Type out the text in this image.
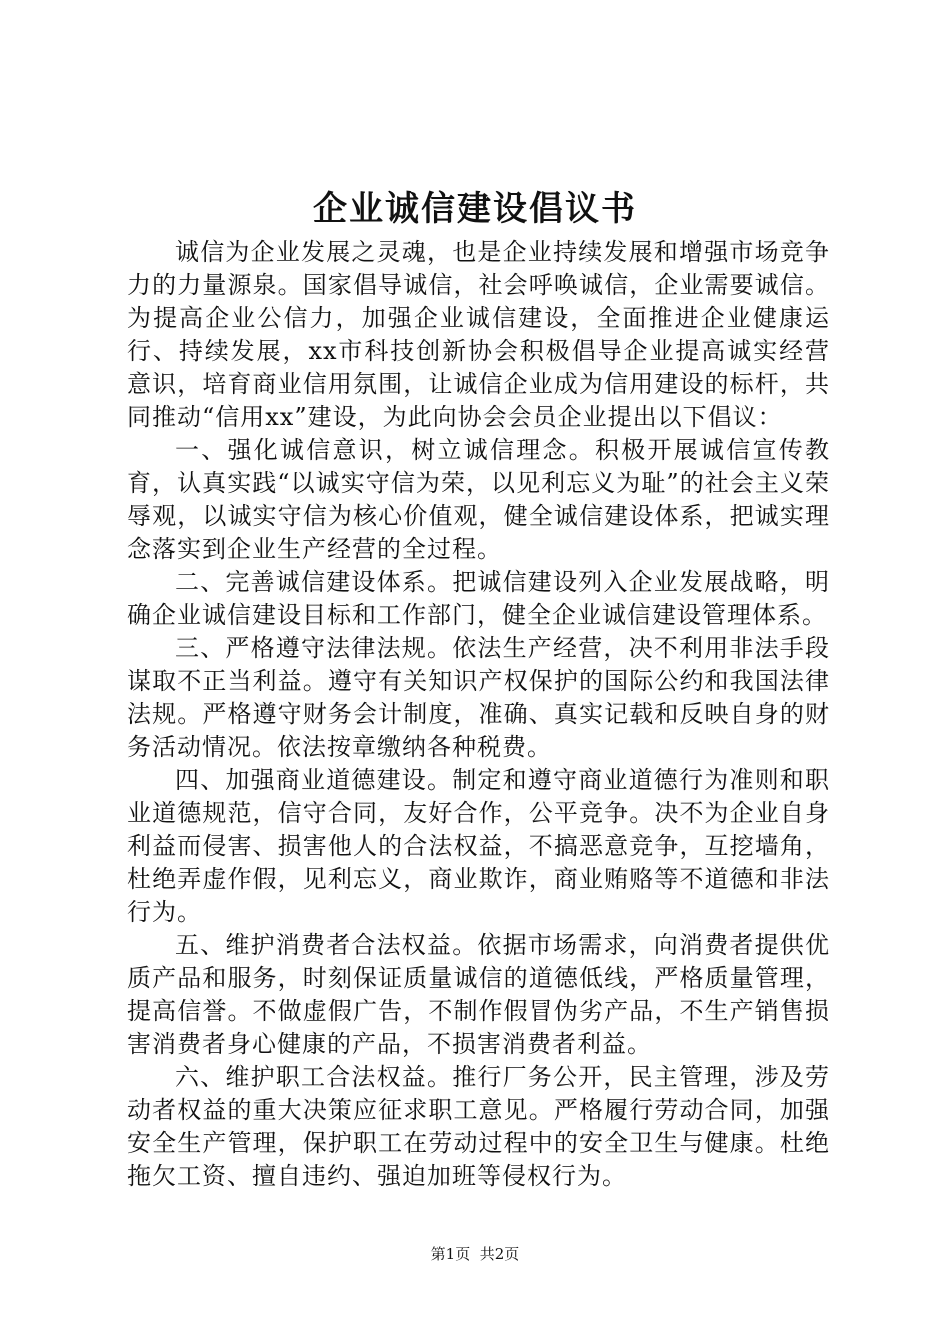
企业诚信建设倡议书

诚信为企业发展之灵魂，也是企业持续发展和增强市场竞争力的力量源泉。国家倡导诚信，社会呼唤诚信，企业需要诚信。为提高企业公信力，加强企业诚信建设，全面推进企业健康运行、持续发展，xx市科技创新协会积极倡导企业提高诚实经营意识，培育商业信用氛围，让诚信企业成为信用建设的标杆，共同推动“信用xx”建设，为此向协会会员企业提出以下倡议：

一、强化诚信意识，树立诚信理念。积极开展诚信宣传教育，认真实践“以诚实守信为荣，以见利忘义为耻”的社会主义荣辱观，以诚实守信为核心价值观，健全诚信建设体系，把诚实理念落实到企业生产经营的全过程。

二、完善诚信建设体系。把诚信建设列入企业发展战略，明确企业诚信建设目标和工作部门，健全企业诚信建设管理体系。

三、严格遵守法律法规。依法生产经营，决不利用非法手段谋取不正当利益。遵守有关知识产权保护的国际公约和我国法律法规。严格遵守财务会计制度，准确、真实记载和反映自身的财务活动情况。依法按章缴纳各种税费。

四、加强商业道德建设。制定和遵守商业道德行为准则和职业道德规范，信守合同，友好合作，公平竞争。决不为企业自身利益而侵害、损害他人的合法权益，不搞恶意竞争，互挖墙角，杜绝弄虚作假，见利忘义，商业欺诈，商业贿赂等不道德和非法行为。

五、维护消费者合法权益。依据市场需求，向消费者提供优质产品和服务，时刻保证质量诚信的道德低线，严格质量管理，提高信誉。不做虚假广告，不制作假冒伪劣产品，不生产销售损害消费者身心健康的产品，不损害消费者利益。

六、维护职工合法权益。推行厂务公开，民主管理，涉及劳动者权益的重大决策应征求职工意见。严格履行劳动合同，加强安全生产管理，保护职工在劳动过程中的安全卫生与健康。杜绝拖欠工资、擅自违约、强迫加班等侵权行为。

第1页 共2页
